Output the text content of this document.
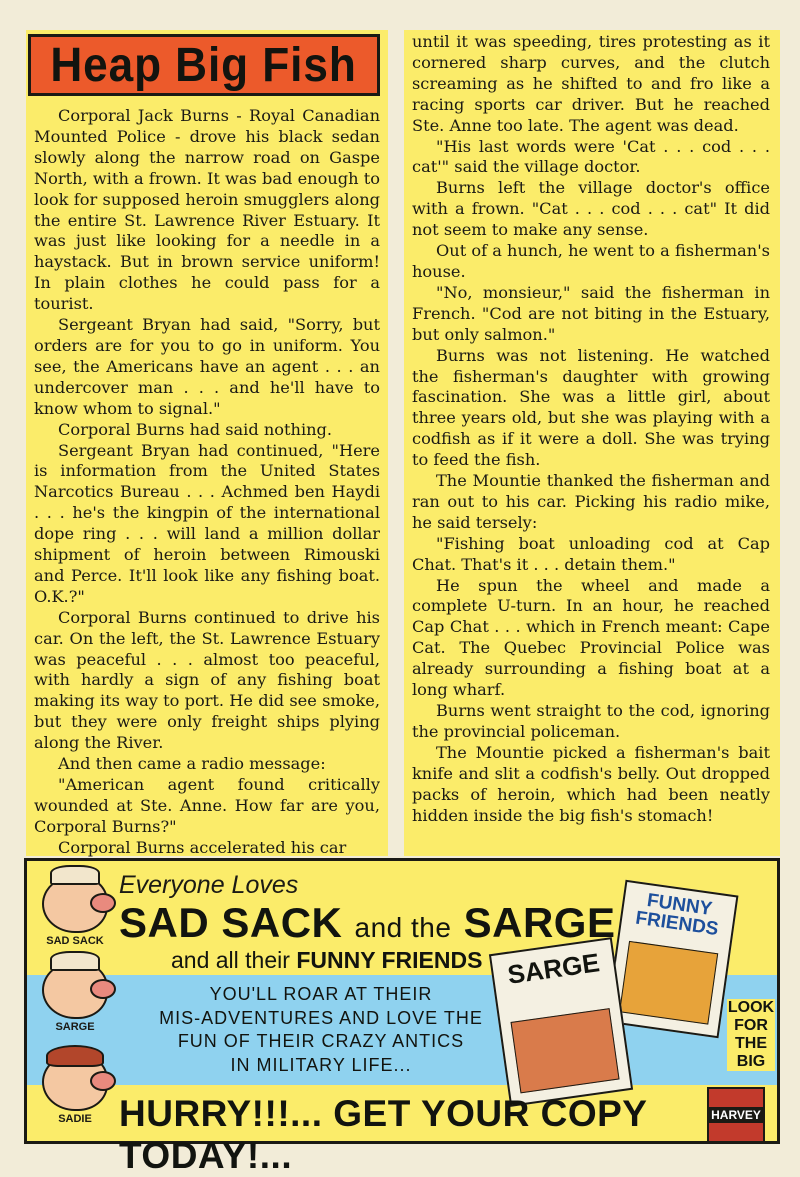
Corporal Jack Burns - Royal Canadian Mounted Police - drove his black sedan slowly along the narrow road on Gaspe North, with a frown. It was bad enough to look for supposed heroin smugglers along the entire St. Lawrence River Estuary. It was just like looking for a needle in a haystack. But in brown service uniform! In plain clothes he could pass for a tourist.

Sergeant Bryan had said, "Sorry, but orders are for you to go in uniform. You see, the Americans have an agent . . . an undercover man . . . and he'll have to know whom to signal."

Corporal Burns had said nothing.

Sergeant Bryan had continued, "Here is information from the United States Narcotics Bureau . . . Achmed ben Haydi . . . he's the kingpin of the international dope ring . . . will land a million dollar shipment of heroin between Rimouski and Perce. It'll look like any fishing boat. O.K.?"

Corporal Burns continued to drive his car. On the left, the St. Lawrence Estuary was peaceful . . . almost too peaceful, with hardly a sign of any fishing boat making its way to port. He did see smoke, but they were only freight ships plying along the River.

And then came a radio message:

"American agent found critically wounded at Ste. Anne. How far are you, Corporal Burns?"

Corporal Burns accelerated his car

Heap Big Fish	until it was speeding, tires protesting as it cornered sharp curves, and the clutch screaming as he shifted to and fro like a racing sports car driver. But he reached Ste. Anne too late. The agent was dead.

"His last words were 'Cat . . . cod . . . cat'" said the village doctor.

Burns left the village doctor's office with a frown. "Cat . . . cod . . . cat" It did not seem to make any sense.

Out of a hunch, he went to a fisherman's house.

"No, monsieur," said the fisherman in French. "Cod are not biting in the Estuary, but only salmon."

Burns was not listening. He watched the fisherman's daughter with growing fascination. She was a little girl, about three years old, but she was playing with a codfish as if it were a doll. She was trying to feed the fish.

The Mountie thanked the fisherman and ran out to his car. Picking his radio mike, he said tersely:

"Fishing boat unloading cod at Cap Chat. That's it . . . detain them."

He spun the wheel and made a complete U-turn. In an hour, he reached Cap Chat . . . which in French meant: Cape Cat. The Quebec Provincial Police was already surrounding a fishing boat at a long wharf.

Burns went straight to the cod, ignoring the provincial policeman.

The Mountie picked a fisherman's bait knife and slit a codfish's belly. Out dropped packs of heroin, which had been neatly hidden inside the big fish's stomach!

SAD SACK
SARGE
SADIE
Everyone Loves
SAD SACK and the SARGE
and all their FUNNY FRIENDS
YOU'LL ROAR AT THEIR
MIS-ADVENTURES AND LOVE THE
FUN OF THEIR CRAZY ANTICS
IN MILITARY LIFE...
FUNNY FRIENDS
SARGE
LOOK
FOR
THE
BIG
HURRY!!!... GET YOUR COPY TODAY!...
HARVEY
